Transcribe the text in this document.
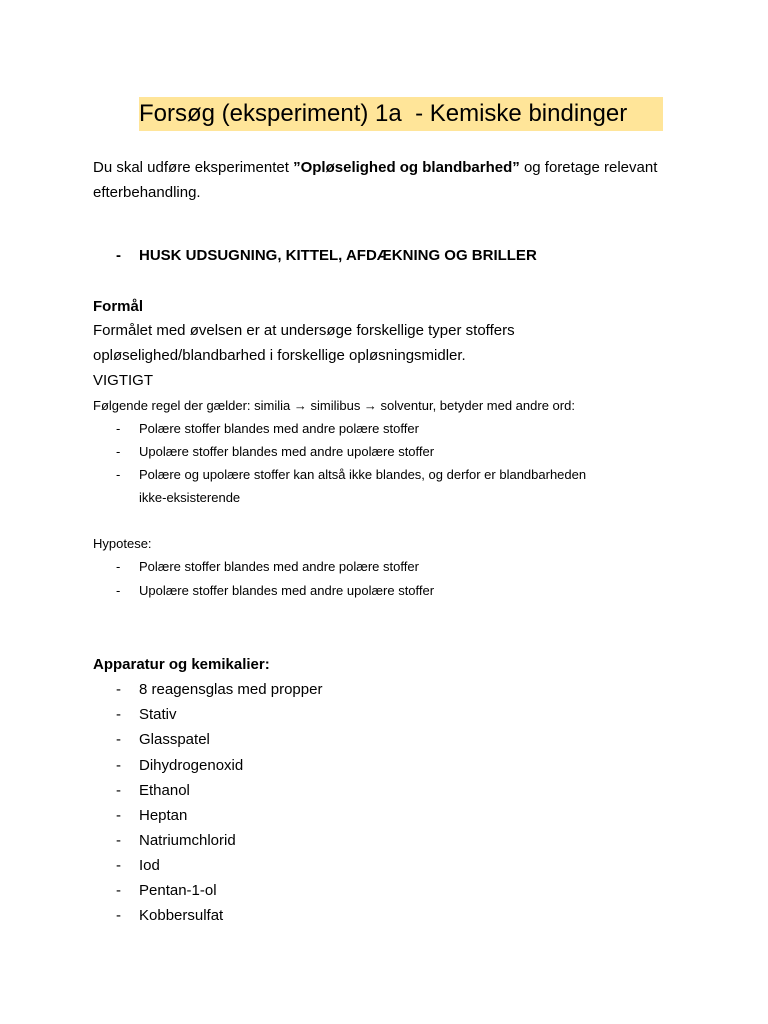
Forsøg (eksperiment) 1a  - Kemiske bindinger
Du skal udføre eksperimentet ”Opløselighed og blandbarhed” og foretage relevant efterbehandling.
- HUSK UDSUGNING, KITTEL, AFDÆKNING OG BRILLER
Formål
Formålet med øvelsen er at undersøge forskellige typer stoffers
opløselighed/blandbarhed i forskellige opløsningsmidler.
VIGTIGT
Følgende regel der gælder: similia → similibus → solventur, betyder med andre ord:
- Polære stoffer blandes med andre polære stoffer
- Upolære stoffer blandes med andre upolære stoffer
- Polære og upolære stoffer kan altså ikke blandes, og derfor er blandbarheden
ikke-eksisterende
Hypotese:
- Polære stoffer blandes med andre polære stoffer
- Upolære stoffer blandes med andre upolære stoffer
Apparatur og kemikalier:
- 8 reagensglas med propper
- Stativ
- Glasspatel
- Dihydrogenoxid
- Ethanol
- Heptan
- Natriumchlorid
- Iod
- Pentan-1-ol
- Kobbersulfat
